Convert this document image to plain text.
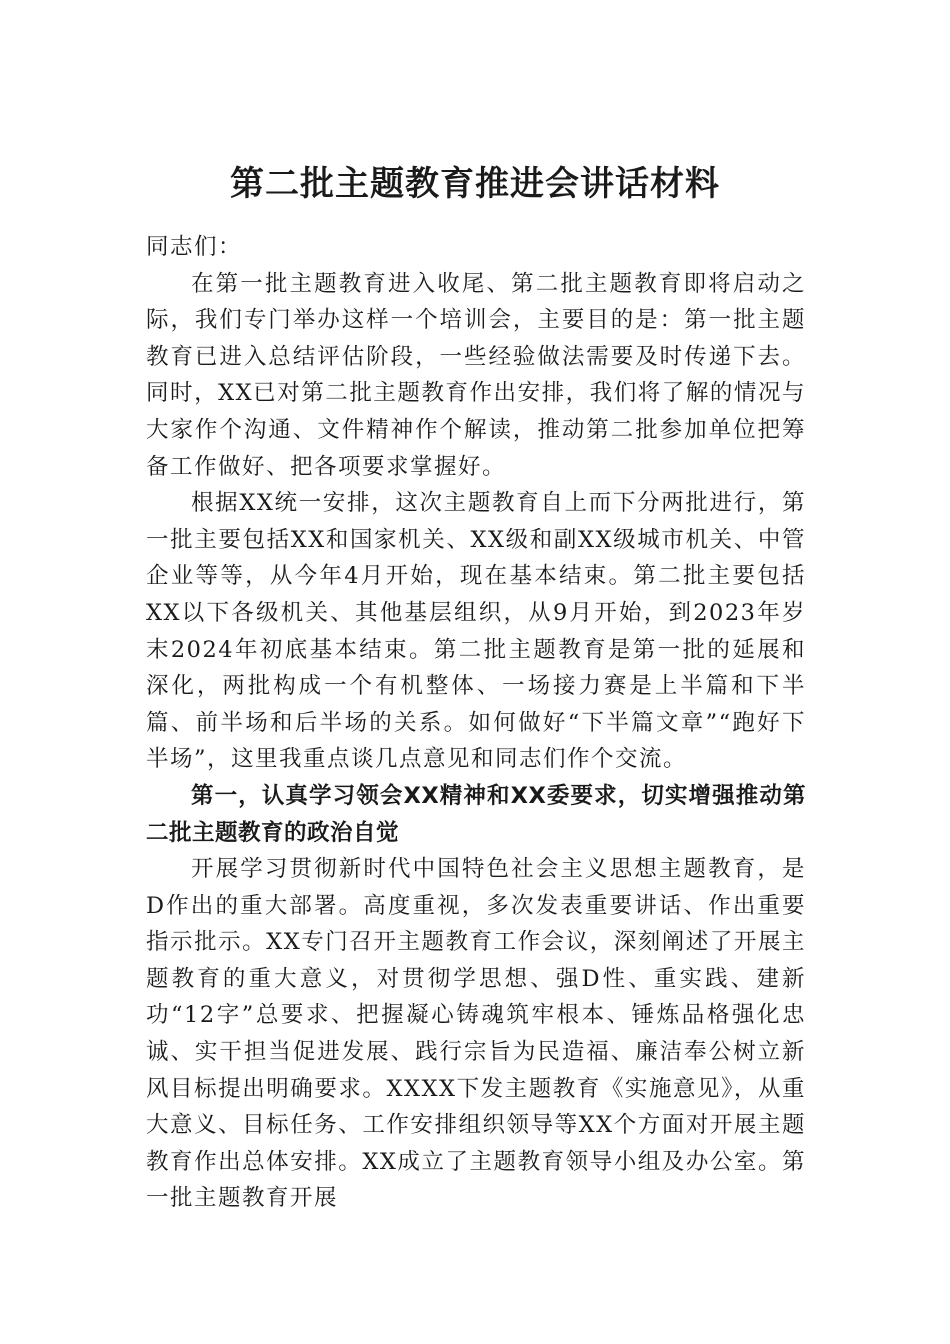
第二批主题教育推进会讲话材料

同志们：

在第一批主题教育进入收尾、第二批主题教育即将启动之际，我们专门举办这样一个培训会，主要目的是：第一批主题教育已进入总结评估阶段，一些经验做法需要及时传递下去。同时，XX已对第二批主题教育作出安排，我们将了解的情况与大家作个沟通、文件精神作个解读，推动第二批参加单位把筹备工作做好、把各项要求掌握好。

根据XX统一安排，这次主题教育自上而下分两批进行，第一批主要包括XX和国家机关、XX级和副XX级城市机关、中管企业等等，从今年4月开始，现在基本结束。第二批主要包括XX以下各级机关、其他基层组织，从9月开始，到2023年岁末2024年初底基本结束。第二批主题教育是第一批的延展和深化，两批构成一个有机整体、一场接力赛是上半篇和下半篇、前半场和后半场的关系。如何做好“下半篇文章”“跑好下半场”，这里我重点谈几点意见和同志们作个交流。

第一，认真学习领会XX精神和XX委要求，切实增强推动第二批主题教育的政治自觉

开展学习贯彻新时代中国特色社会主义思想主题教育，是D作出的重大部署。高度重视，多次发表重要讲话、作出重要指示批示。XX专门召开主题教育工作会议，深刻阐述了开展主题教育的重大意义，对贯彻学思想、强D性、重实践、建新功“12字”总要求、把握凝心铸魂筑牢根本、锤炼品格强化忠诚、实干担当促进发展、践行宗旨为民造福、廉洁奉公树立新风目标提出明确要求。XXXX下发主题教育《实施意见》，从重大意义、目标任务、工作安排组织领导等XX个方面对开展主题教育作出总体安排。XX成立了主题教育领导小组及办公室。第一批主题教育开展
